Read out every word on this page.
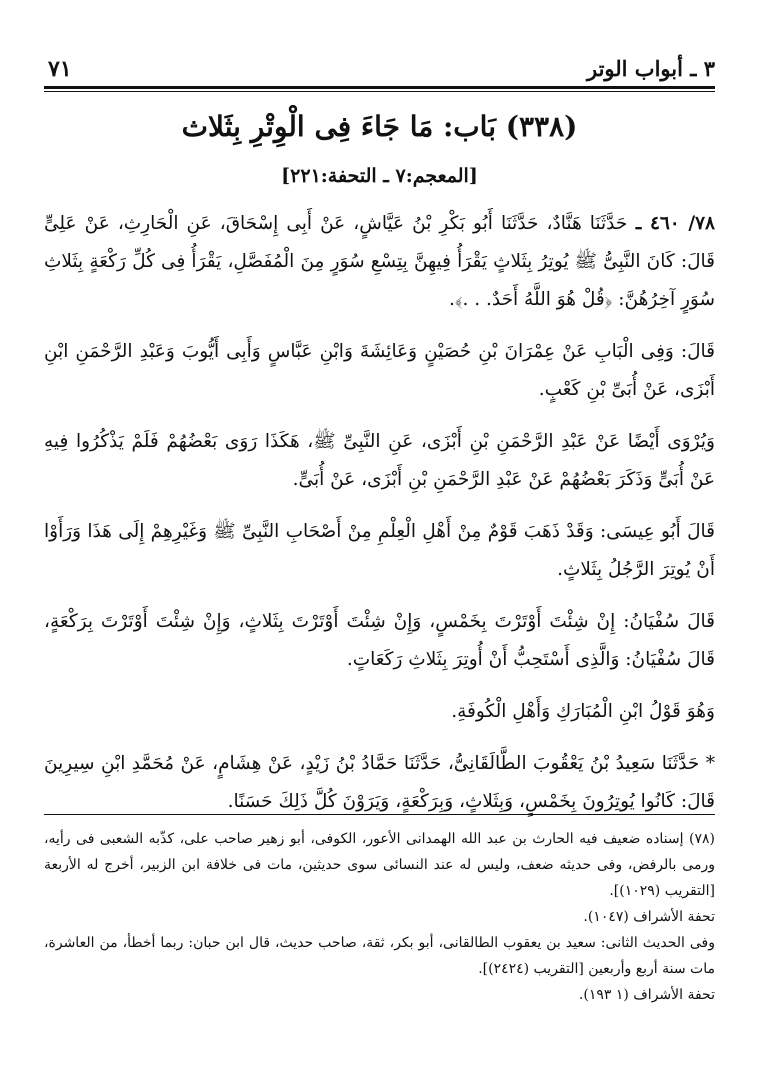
٧١	٣ ـ أبواب الوتر
(٣٣٨) بَاب: مَا جَاءَ فِى الْوِتْرِ بِثَلاث
[المعجم:٧ ـ التحفة:٢٢١]

٧٨/ ٤٦٠ ـ حَدَّثَنَا هَنَّادٌ، حَدَّثَنَا أَبُو بَكْرِ بْنُ عَيَّاشٍ، عَنْ أَبِى إِسْحَاقَ، عَنِ الْحَارِثِ، عَنْ عَلِىٍّ قَالَ: كَانَ النَّبِىُّ ﷺ يُوتِرُ بِثَلاثٍ يَقْرَأُ فِيهِنَّ بِتِسْعِ سُوَرٍ مِنَ الْمُفَصَّلِ، يَقْرَأُ فِى كُلِّ رَكْعَةٍ بِثَلاثِ سُوَرٍ آخِرُهُنَّ: ﴿قُلْ هُوَ اللَّهُ أَحَدٌ. . .﴾.

قَالَ: وَفِى الْبَابِ عَنْ عِمْرَانَ بْنِ حُصَيْنٍ وَعَائِشَةَ وَابْنِ عَبَّاسٍ وَأَبِى أَيُّوبَ وَعَبْدِ الرَّحْمَنِ ابْنِ أَبْزَى، عَنْ أُبَىِّ بْنِ كَعْبٍ.

وَيُرْوَى أَيْضًا عَنْ عَبْدِ الرَّحْمَنِ بْنِ أَبْزَى، عَنِ النَّبِىِّ ﷺ، هَكَذَا رَوَى بَعْضُهُمْ فَلَمْ يَذْكُرُوا فِيهِ عَنْ أُبَىٍّ وَذَكَرَ بَعْضُهُمْ عَنْ عَبْدِ الرَّحْمَنِ بْنِ أَبْزَى، عَنْ أُبَىٍّ.

قَالَ أَبُو عِيسَى: وَقَدْ ذَهَبَ قَوْمٌ مِنْ أَهْلِ الْعِلْمِ مِنْ أَصْحَابِ النَّبِىِّ ﷺ وَغَيْرِهِمْ إِلَى هَذَا وَرَأَوْا أَنْ يُوتِرَ الرَّجُلُ بِثَلاثٍ.

قَالَ سُفْيَانُ: إِنْ شِئْتَ أَوْتَرْتَ بِخَمْسٍ، وَإِنْ شِئْتَ أَوْتَرْتَ بِثَلاثٍ، وَإِنْ شِئْتَ أَوْتَرْتَ بِرَكْعَةٍ، قَالَ سُفْيَانُ: وَالَّذِى أَسْتَحِبُّ أَنْ أُوتِرَ بِثَلاثِ رَكَعَاتٍ.

وَهُوَ قَوْلُ ابْنِ الْمُبَارَكِ وَأَهْلِ الْكُوفَةِ.

* حَدَّثَنَا سَعِيدُ بْنُ يَعْقُوبَ الطَّالَقَانِىُّ، حَدَّثَنَا حَمَّادُ بْنُ زَيْدٍ، عَنْ هِشَامٍ، عَنْ مُحَمَّدِ ابْنِ سِيرِينَ قَالَ: كَانُوا يُوتِرُونَ بِخَمْسٍ، وَبِثَلاثٍ، وَبِرَكْعَةٍ، وَيَرَوْنَ كُلَّ ذَلِكَ حَسَنًا.

(٧٨) إسناده ضعيف فيه الحارث بن عبد الله الهمدانى الأعور، الكوفى، أبو زهير صاحب على، كذّبه الشعبى فى رأيه، ورمى بالرفض، وفى حديثه ضعف، وليس له عند النسائى سوى حديثين، مات فى خلافة ابن الزبير، أخرج له الأربعة [التقريب (١٠٢٩)].

تحفة الأشراف (١٠٤٧).

وفى الحديث الثانى: سعيد بن يعقوب الطالقانى، أبو بكر، ثقة، صاحب حديث، قال ابن حبان: ربما أخطأ، من العاشرة، مات سنة أربع وأربعين [التقريب (٢٤٢٤)].

تحفة الأشراف (١ ١٩٣).
